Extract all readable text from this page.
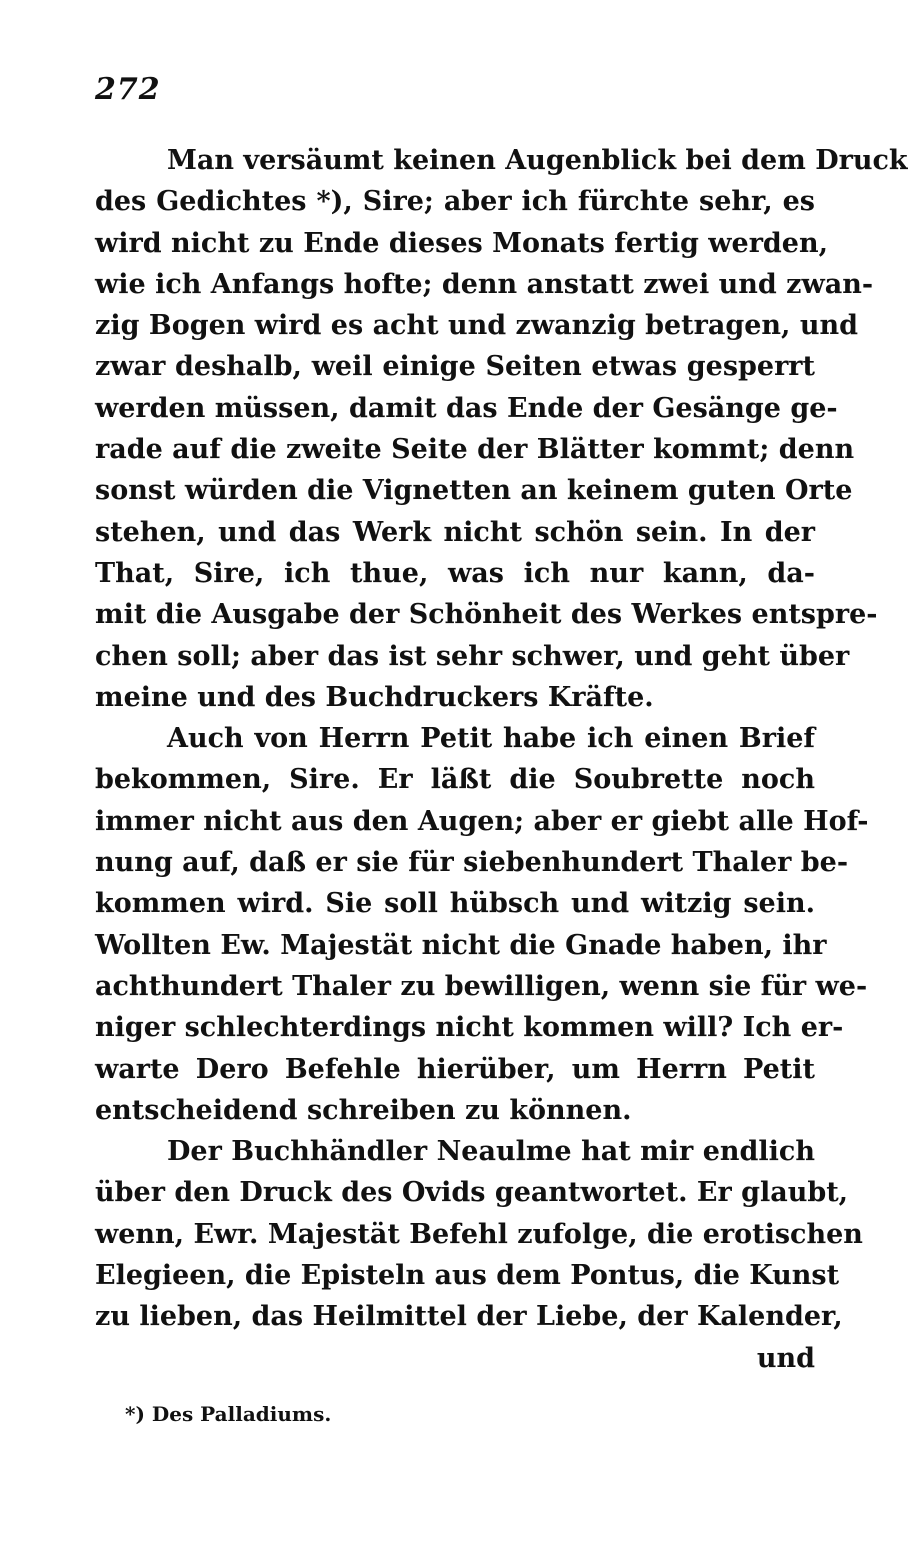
272
Man versäumt keinen Augenblick bei dem Druck
des Gedichtes *), Sire; aber ich fürchte sehr, es
wird nicht zu Ende dieses Monats fertig werden,
wie ich Anfangs hofte; denn anstatt zwei und zwan-
zig Bogen wird es acht und zwanzig betragen, und
zwar deshalb, weil einige Seiten etwas gesperrt
werden müssen, damit das Ende der Gesänge ge-
rade auf die zweite Seite der Blätter kommt; denn
sonst würden die Vignetten an keinem guten Orte
stehen, und das Werk nicht schön sein. In der
That, Sire, ich thue, was ich nur kann, da-
mit die Ausgabe der Schönheit des Werkes entspre-
chen soll; aber das ist sehr schwer, und geht über
meine und des Buchdruckers Kräfte.
Auch von Herrn Petit habe ich einen Brief
bekommen, Sire. Er läßt die Soubrette noch
immer nicht aus den Augen; aber er giebt alle Hof-
nung auf, daß er sie für siebenhundert Thaler be-
kommen wird. Sie soll hübsch und witzig sein.
Wollten Ew. Majestät nicht die Gnade haben, ihr
achthundert Thaler zu bewilligen, wenn sie für we-
niger schlechterdings nicht kommen will? Ich er-
warte Dero Befehle hierüber, um Herrn Petit
entscheidend schreiben zu können.
Der Buchhändler Neaulme hat mir endlich
über den Druck des Ovids geantwortet. Er glaubt,
wenn, Ewr. Majestät Befehl zufolge, die erotischen
Elegieen, die Episteln aus dem Pontus, die Kunst
zu lieben, das Heilmittel der Liebe, der Kalender,
und
*) Des Palladiums.
